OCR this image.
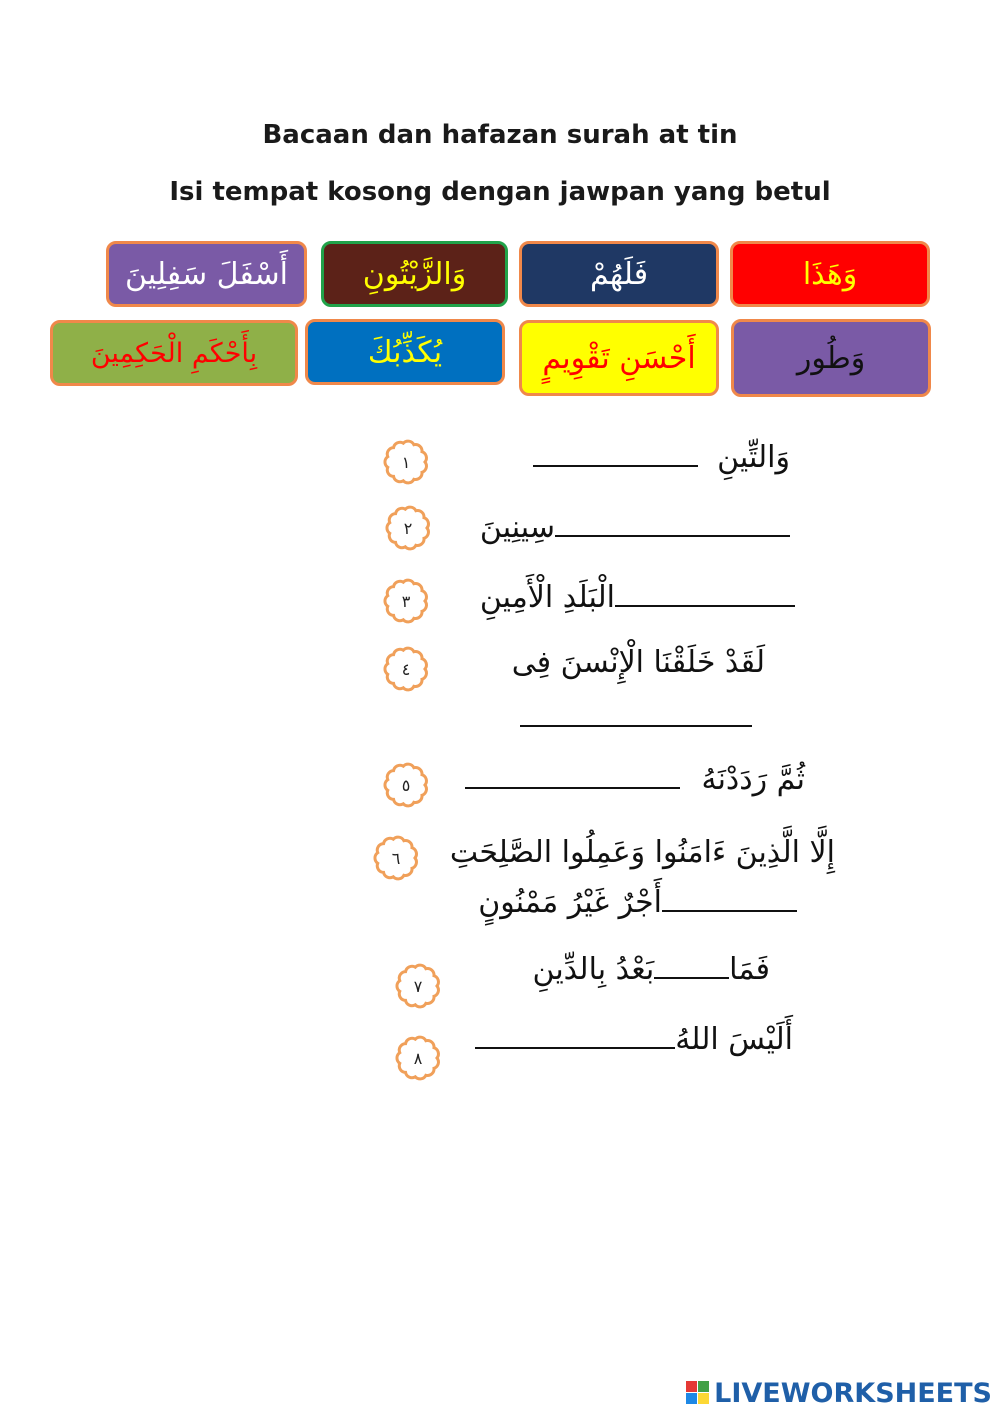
Bacaan dan hafazan surah at tin
Isi tempat kosong dengan jawpan yang betul
وَهَذَا
فَلَهُمْ
وَالزَّيْتُونِ
أَسْفَلَ سَفِلِينَ
وَطُور
أَحْسَنِ تَقْوِيمٍ
يُكَذِّبُكَ
بِأَحْكَمِ الْحَكِمِينَ
١
٢
٣
٤
٥
٦
٧
٨
وَالتِّينِ
سِينِينَ
الْبَلَدِ الْأَمِينِ
لَقَدْ خَلَقْنَا الْإِنْسنَ فِى
ثُمَّ رَدَدْنَهُ
إِلَّا الَّذِينَ ءَامَنُوا وَعَمِلُوا الصَّلِحَتِ
أَجْرٌ غَيْرُ مَمْنُونٍ
فَمَابَعْدُ بِالدِّينِ
أَلَيْسَ اللهُ
LIVEWORKSHEETS
